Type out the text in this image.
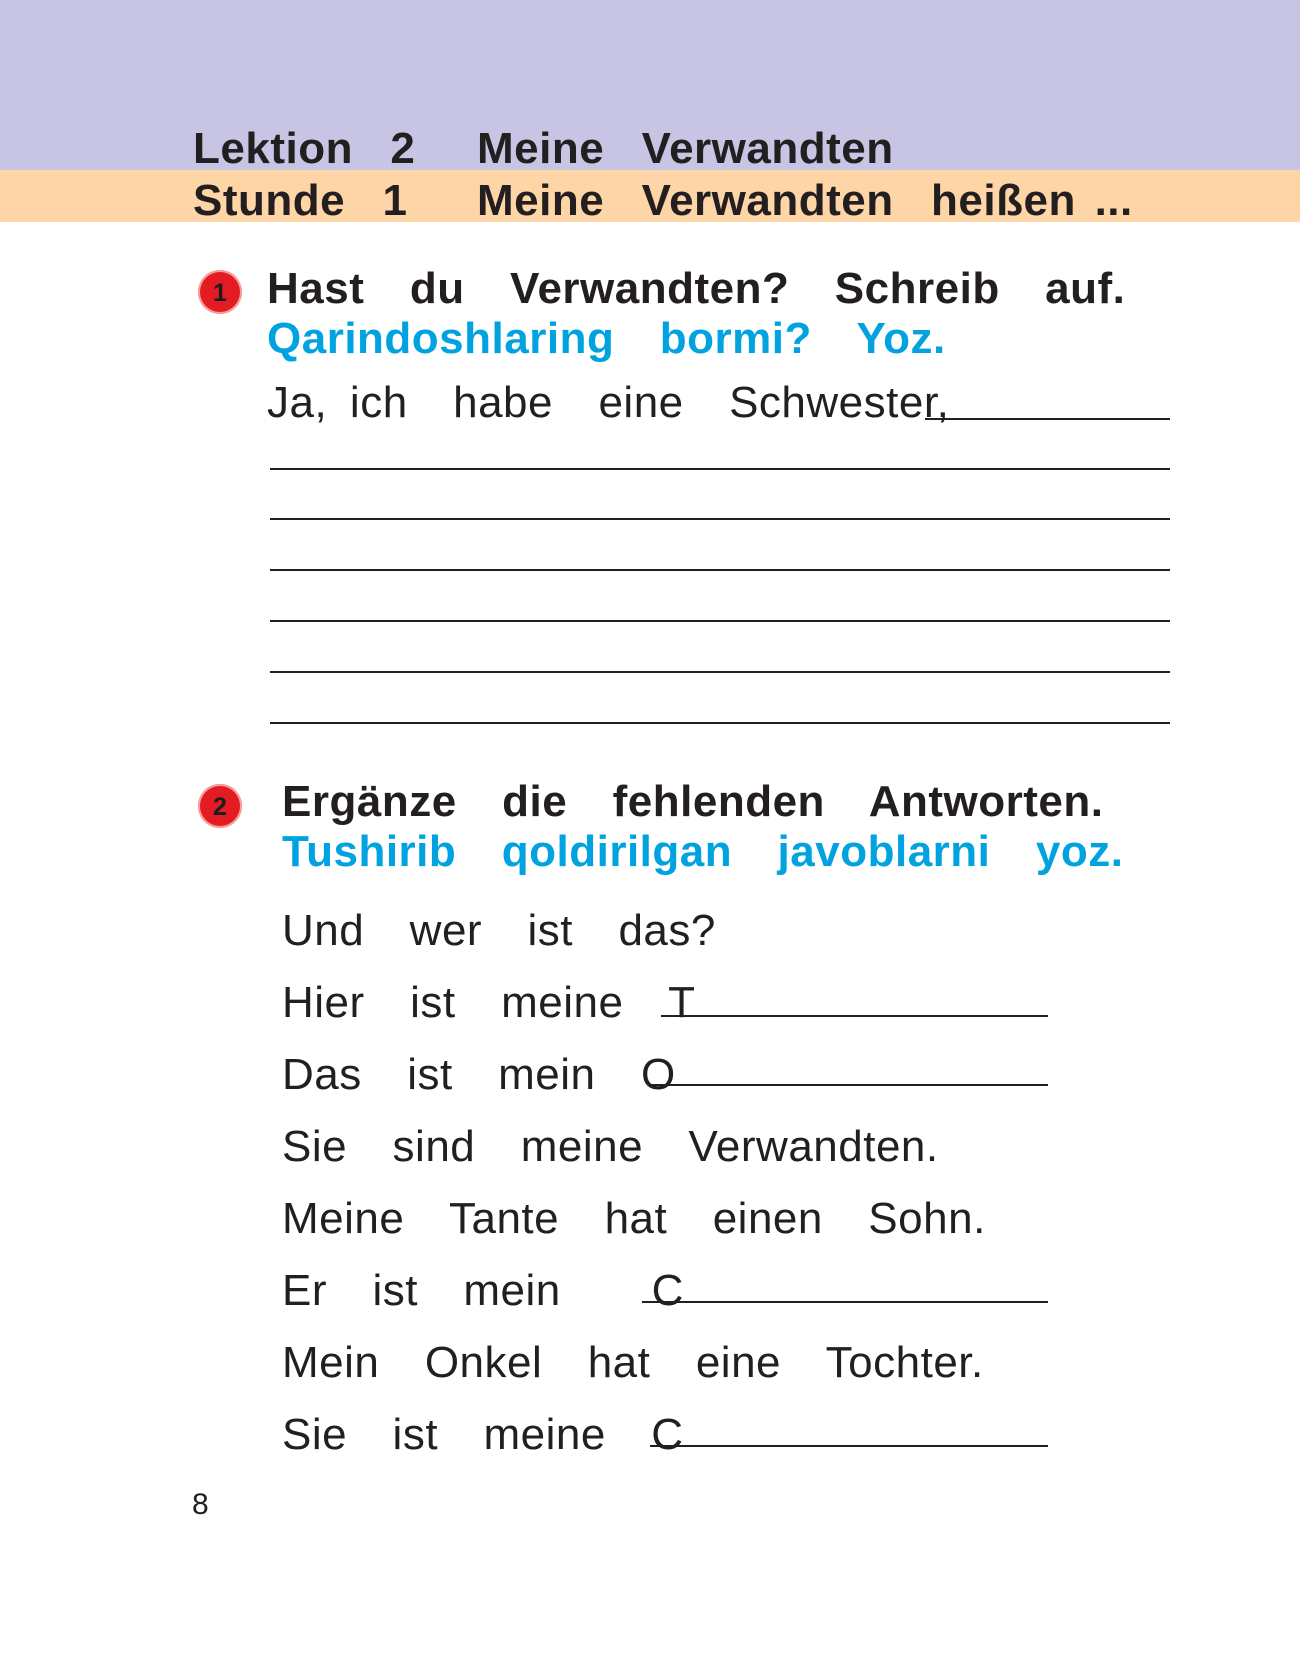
Lektion  2 Meine  Verwandten
Stunde  1 Meine  Verwandten  heißen ...
1 Hast  du  Verwandten?  Schreib  auf.
Qarindoshlaring  bormi?  Yoz.
Ja, ich  habe  eine  Schwester,
2	Ergänze  die  fehlenden  Antworten.
Tushirib  qoldirilgan  javoblarni  yoz.
Und  wer  ist  das?
Hier  ist  meine  T
Das  ist  mein  O
Sie  sind  meine  Verwandten.
Meine  Tante  hat  einen  Sohn.
Er  ist  mein    C
Mein  Onkel  hat  eine  Tochter.
Sie  ist  meine  C
8
